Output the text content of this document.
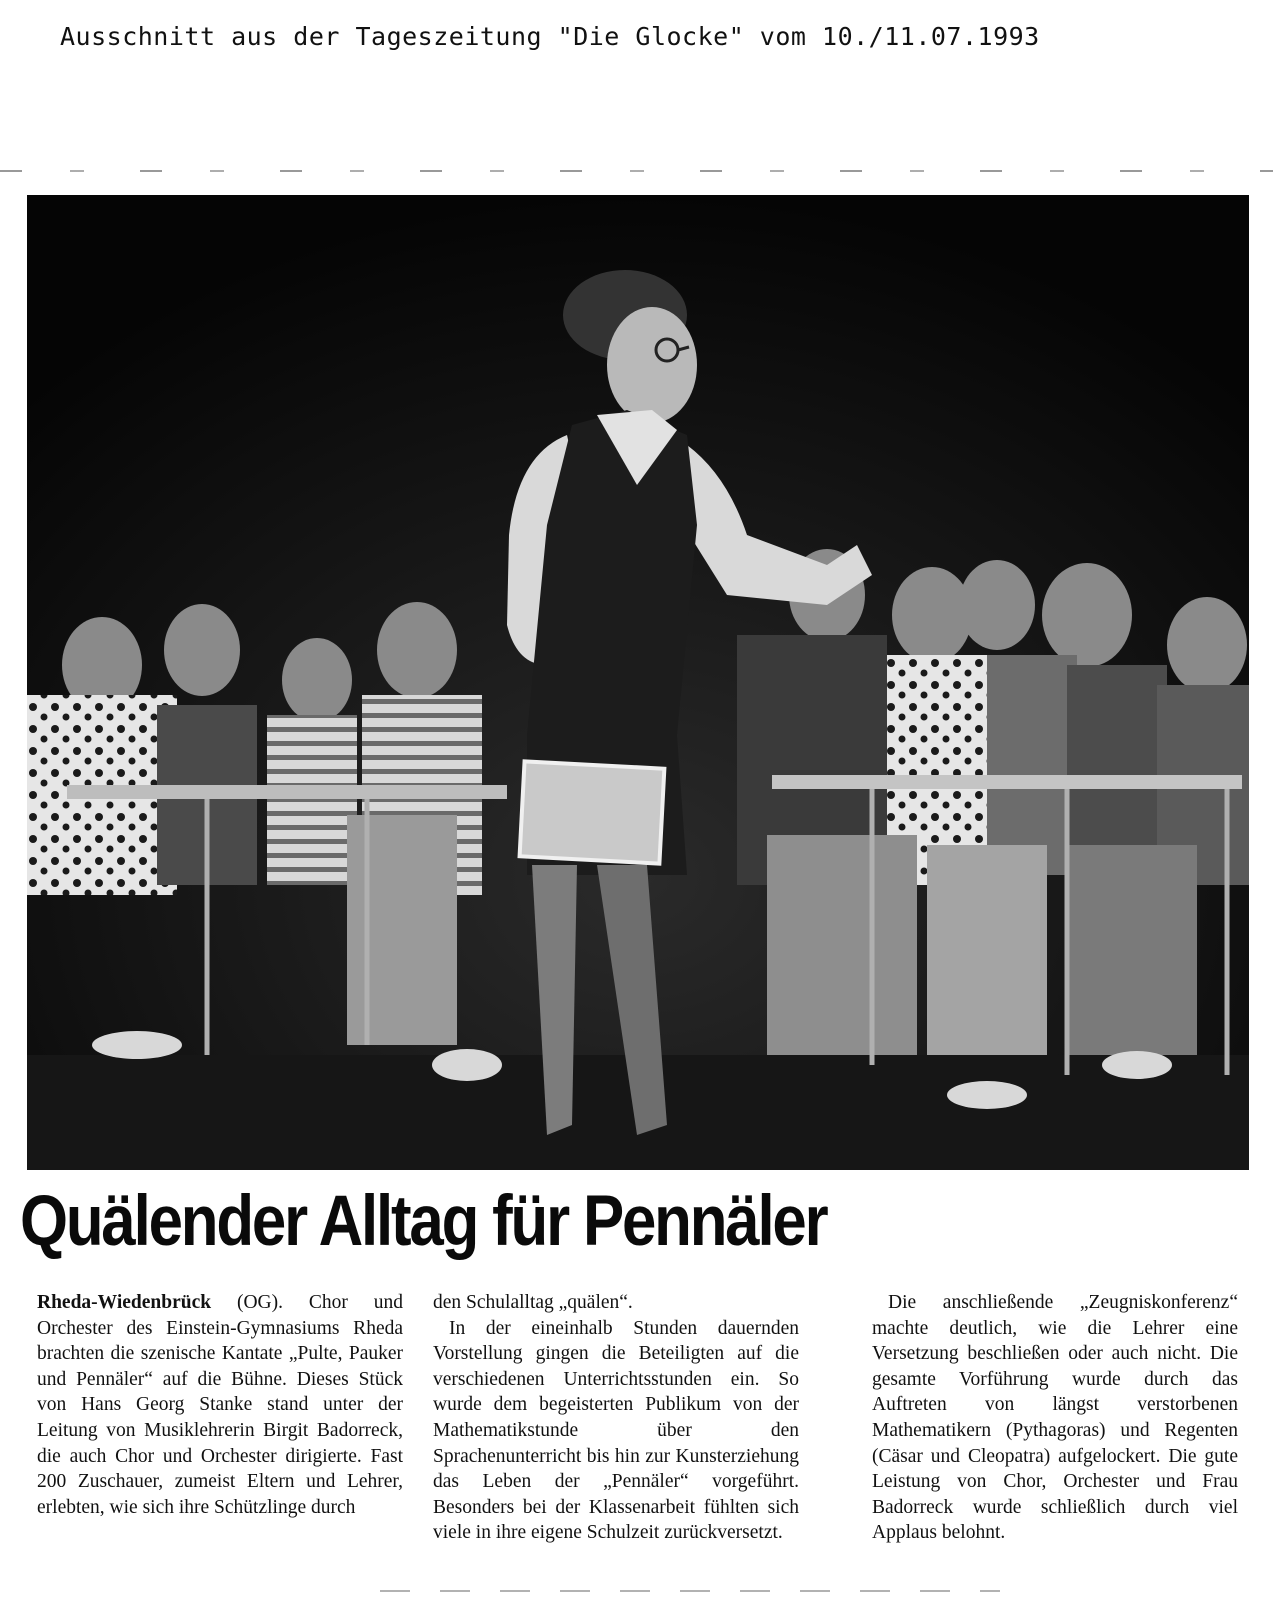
Ausschnitt aus der Tageszeitung "Die Glocke" vom 10./11.07.1993
Quälender Alltag für Pennäler

Rheda-Wiedenbrück (OG). Chor und Orchester des Einstein-Gymnasiums Rheda brachten die szenische Kantate „Pulte, Pauker und Pennäler“ auf die Bühne. Dieses Stück von Hans Georg Stanke stand unter der Leitung von Musiklehrerin Birgit Badorreck, die auch Chor und Orchester dirigierte. Fast 200 Zuschauer, zumeist Eltern und Lehrer, erlebten, wie sich ihre Schützlinge durch

den Schulalltag „quälen“.

In der eineinhalb Stunden dauernden Vorstellung gingen die Beteiligten auf die verschiedenen Unterrichtsstunden ein. So wurde dem begeisterten Publikum von der Mathematikstunde über den Sprachenunterricht bis hin zur Kunsterziehung das Leben der „Pennäler“ vorgeführt. Besonders bei der Klassenarbeit fühlten sich viele in ihre eigene Schulzeit zurückversetzt.

Die anschließende „Zeugniskonferenz“ machte deutlich, wie die Lehrer eine Versetzung beschließen oder auch nicht. Die gesamte Vorführung wurde durch das Auftreten von längst verstorbenen Mathematikern (Pythagoras) und Regenten (Cäsar und Cleopatra) aufgelockert. Die gute Leistung von Chor, Orchester und Frau Badorreck wurde schließlich durch viel Applaus belohnt.
